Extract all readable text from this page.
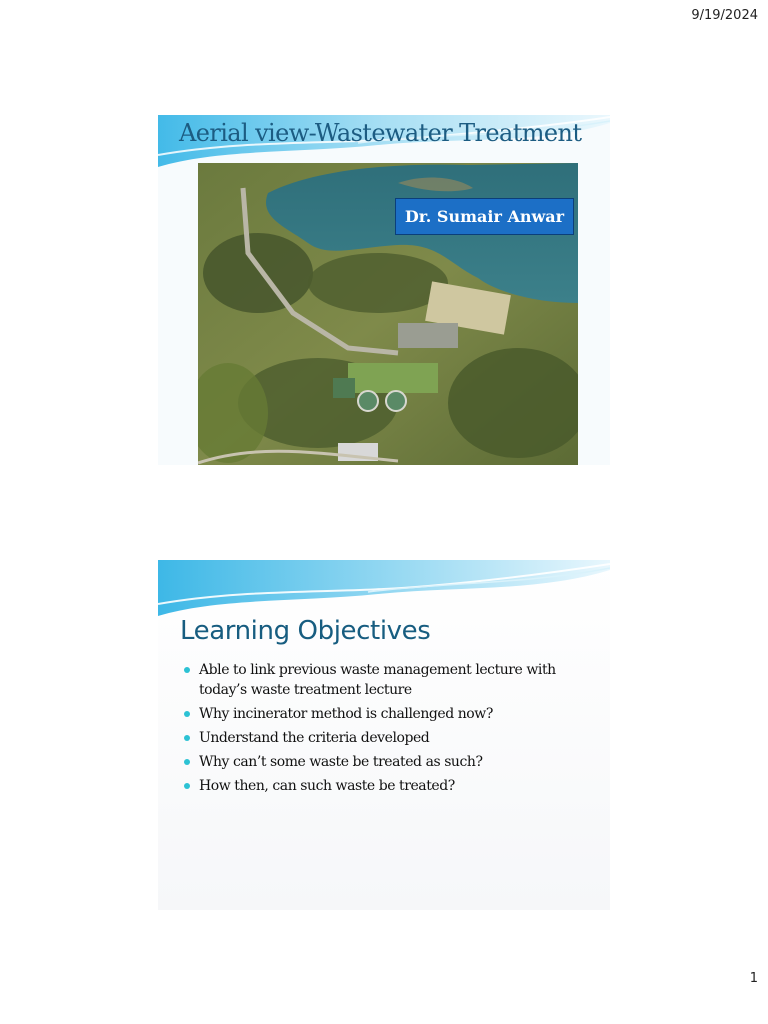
9/19/2024
Aerial view-Wastewater Treatment
Dr. Sumair Anwar
Learning Objectives
Able to link previous waste management lecture with today’s waste treatment lecture
Why incinerator method is challenged now?
Understand the criteria developed
Why can’t some waste be treated as such?
How then, can such waste be treated?
1
